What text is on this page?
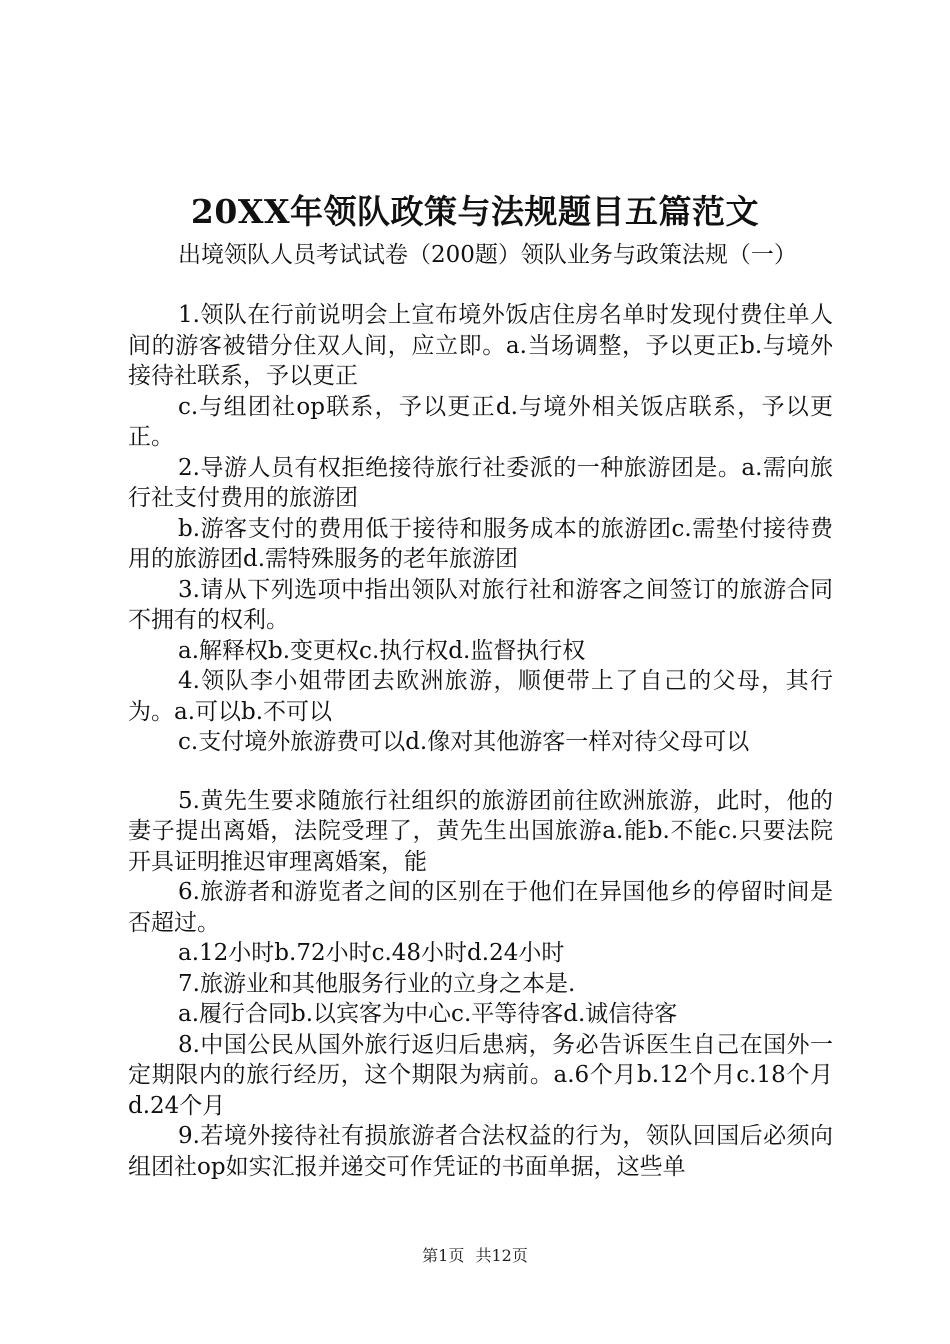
20XX年领队政策与法规题目五篇范文
出境领队人员考试试卷（200题）领队业务与政策法规（一）

1.领队在行前说明会上宣布境外饭店住房名单时发现付费住单人间的游客被错分住双人间，应立即。a.当场调整，予以更正b.与境外接待社联系，予以更正

c.与组团社op联系，予以更正d.与境外相关饭店联系，予以更正。

2.导游人员有权拒绝接待旅行社委派的一种旅游团是。a.需向旅行社支付费用的旅游团

b.游客支付的费用低于接待和服务成本的旅游团c.需垫付接待费用的旅游团d.需特殊服务的老年旅游团

3.请从下列选项中指出领队对旅行社和游客之间签订的旅游合同不拥有的权利。

a.解释权b.变更权c.执行权d.监督执行权

4.领队李小姐带团去欧洲旅游，顺便带上了自己的父母，其行为。a.可以b.不可以

c.支付境外旅游费可以d.像对其他游客一样对待父母可以

5.黄先生要求随旅行社组织的旅游团前往欧洲旅游，此时，他的妻子提出离婚，法院受理了，黄先生出国旅游a.能b.不能c.只要法院开具证明推迟审理离婚案，能

6.旅游者和游览者之间的区别在于他们在异国他乡的停留时间是否超过。

a.12小时b.72小时c.48小时d.24小时

7.旅游业和其他服务行业的立身之本是.

a.履行合同b.以宾客为中心c.平等待客d.诚信待客

8.中国公民从国外旅行返归后患病，务必告诉医生自己在国外一定期限内的旅行经历，这个期限为病前。a.6个月b.12个月c.18个月d.24个月

9.若境外接待社有损旅游者合法权益的行为，领队回国后必须向组团社op如实汇报并递交可作凭证的书面单据，这些单

第1页 共12页
